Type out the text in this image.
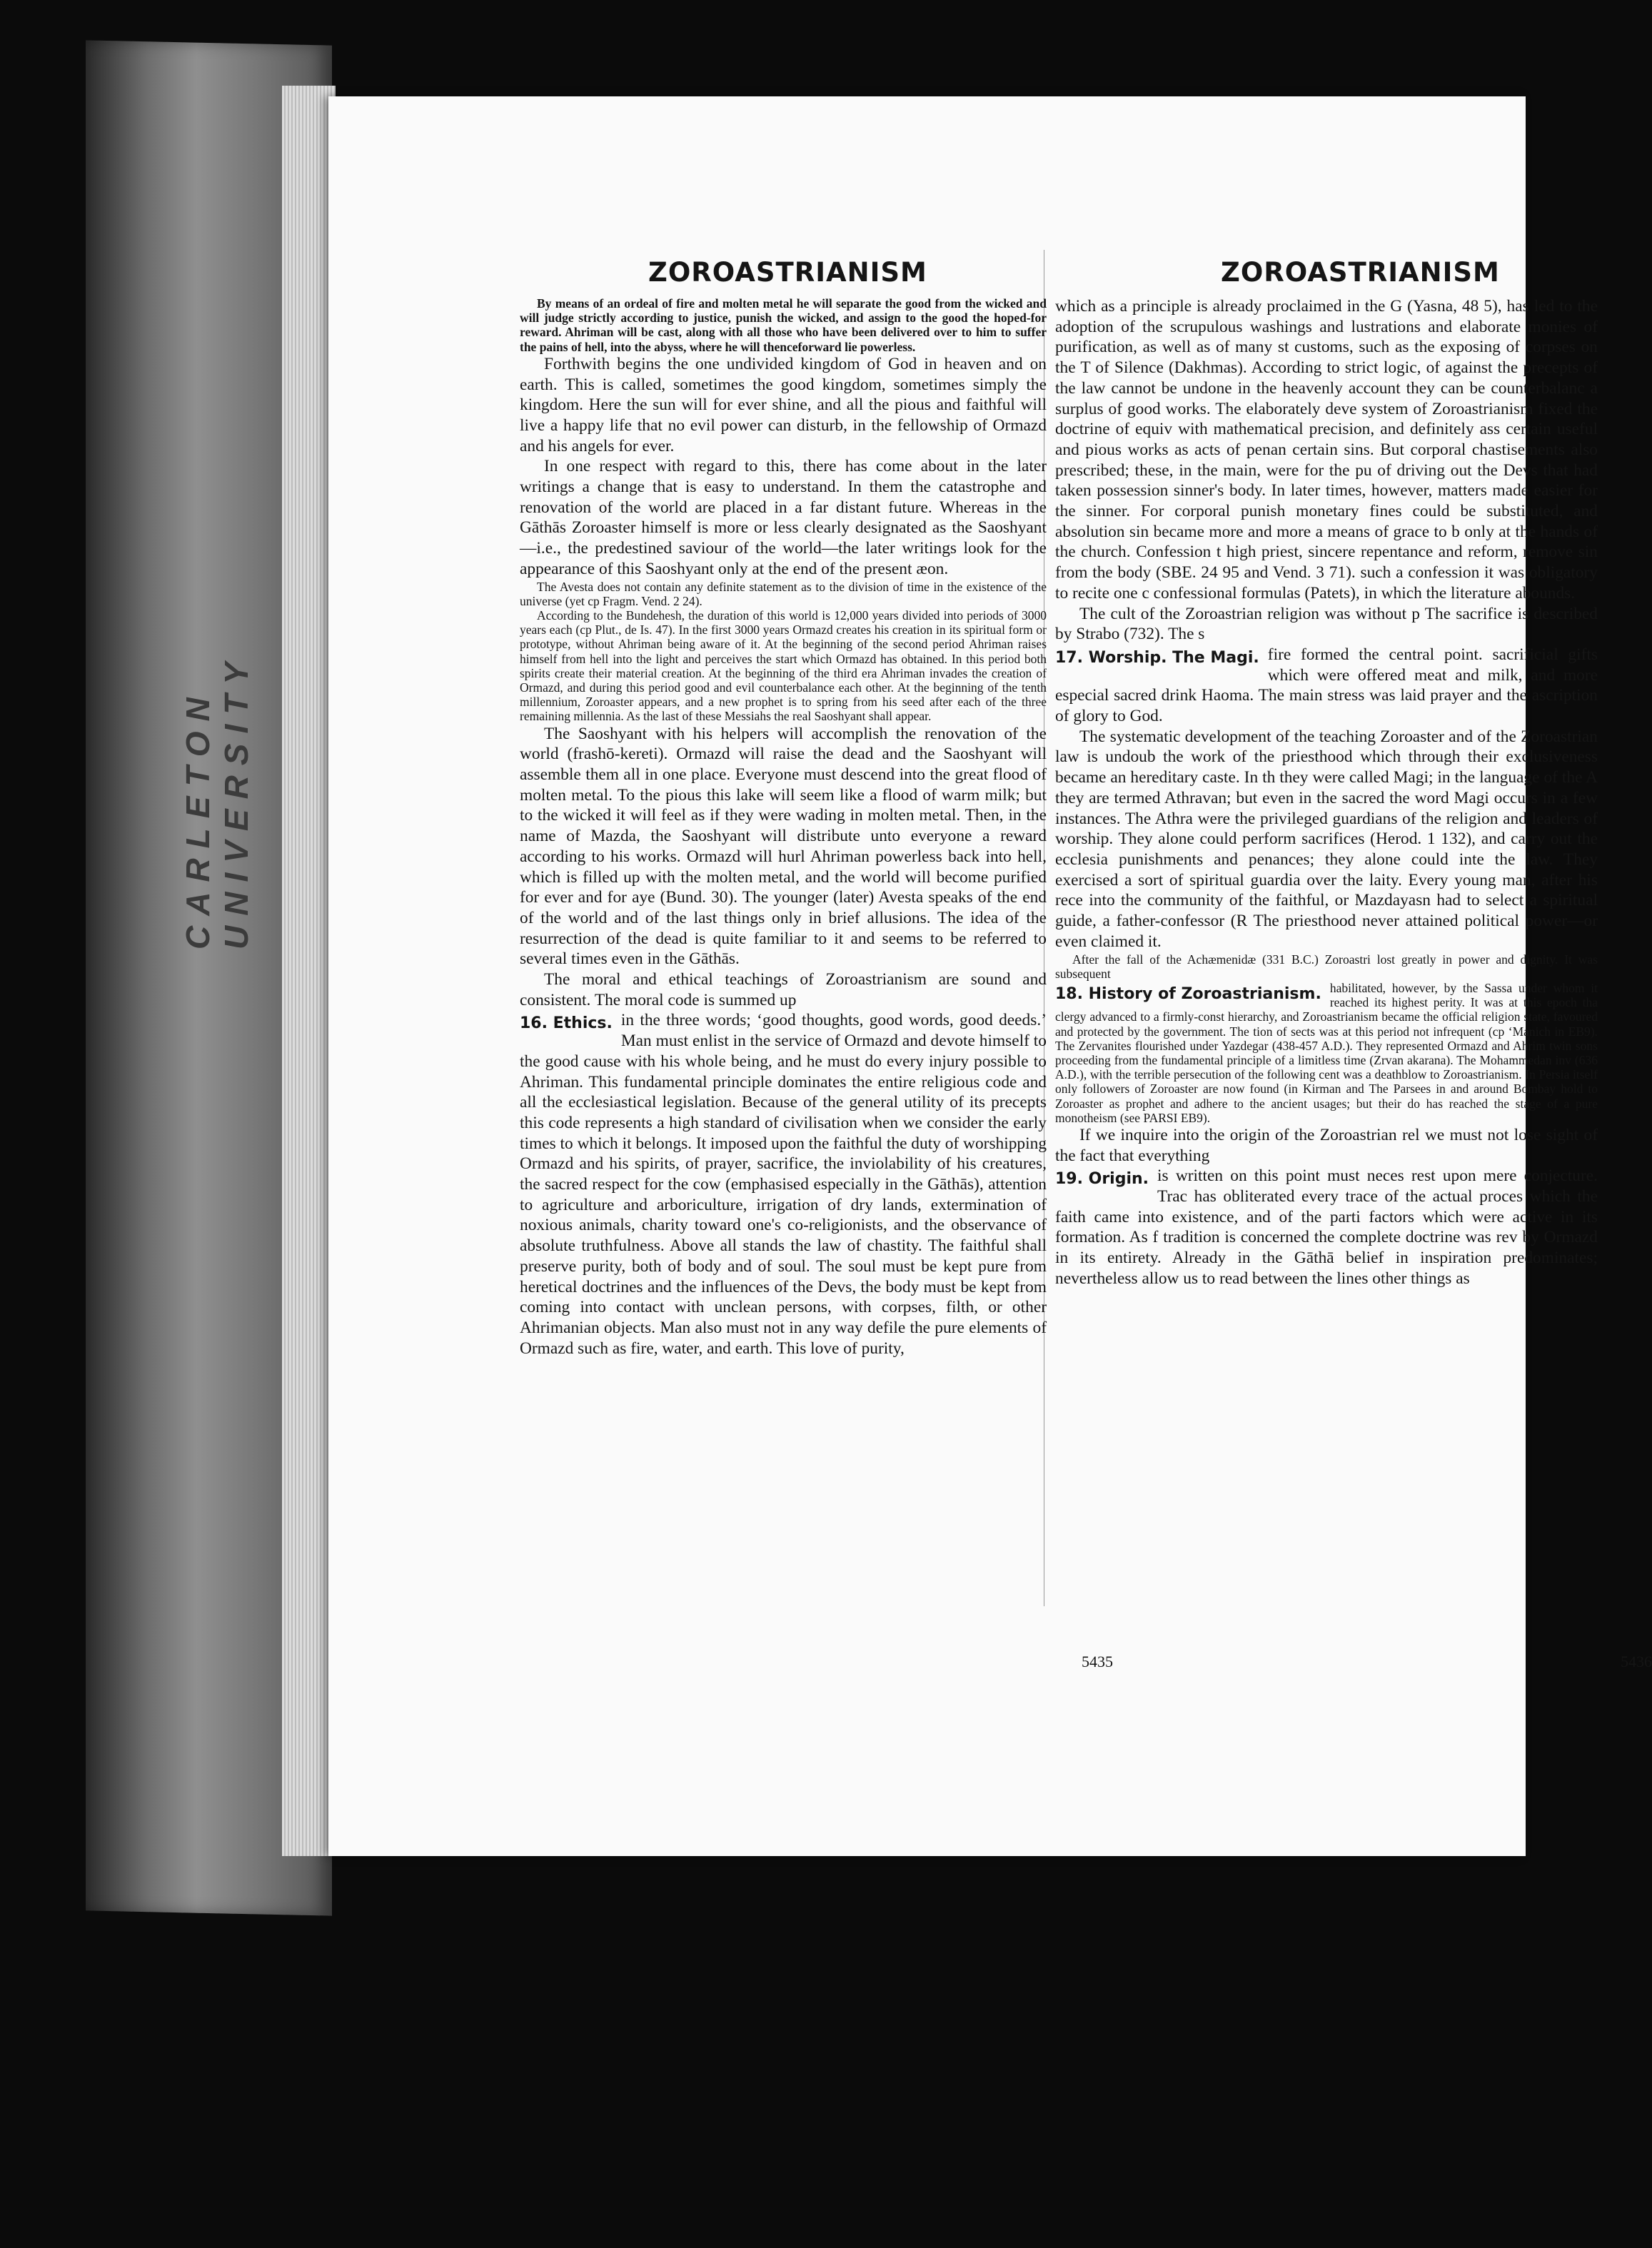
CARLETON UNIVERSITY
ZOROASTRIANISM	ZOROASTRIANISM

By means of an ordeal of fire and molten metal he will separate the good from the wicked and will judge strictly according to justice, punish the wicked, and assign to the good the hoped-for reward. Ahriman will be cast, along with all those who have been delivered over to him to suffer the pains of hell, into the abyss, where he will thenceforward lie powerless.

Forthwith begins the one undivided kingdom of God in heaven and on earth. This is called, sometimes the good kingdom, sometimes simply the kingdom. Here the sun will for ever shine, and all the pious and faithful will live a happy life that no evil power can disturb, in the fellowship of Ormazd and his angels for ever.

In one respect with regard to this, there has come about in the later writings a change that is easy to understand. In them the catastrophe and renovation of the world are placed in a far distant future. Whereas in the Gāthās Zoroaster himself is more or less clearly designated as the Saoshyant—i.e., the predestined saviour of the world—the later writings look for the appearance of this Saoshyant only at the end of the present æon.

The Avesta does not contain any definite statement as to the division of time in the existence of the universe (yet cp Fragm. Vend. 2 24).

According to the Bundehesh, the duration of this world is 12,000 years divided into periods of 3000 years each (cp Plut., de Is. 47). In the first 3000 years Ormazd creates his creation in its spiritual form or prototype, without Ahriman being aware of it. At the beginning of the second period Ahriman raises himself from hell into the light and perceives the start which Ormazd has obtained. In this period both spirits create their material creation. At the beginning of the third era Ahriman invades the creation of Ormazd, and during this period good and evil counterbalance each other. At the beginning of the tenth millennium, Zoroaster appears, and a new prophet is to spring from his seed after each of the three remaining millennia. As the last of these Messiahs the real Saoshyant shall appear.

The Saoshyant with his helpers will accomplish the renovation of the world (frashō-kereti). Ormazd will raise the dead and the Saoshyant will assemble them all in one place. Everyone must descend into the great flood of molten metal. To the pious this lake will seem like a flood of warm milk; but to the wicked it will feel as if they were wading in molten metal. Then, in the name of Mazda, the Saoshyant will distribute unto everyone a reward according to his works. Ormazd will hurl Ahriman powerless back into hell, which is filled up with the molten metal, and the world will become purified for ever and for aye (Bund. 30). The younger (later) Avesta speaks of the end of the world and of the last things only in brief allusions. The idea of the resurrection of the dead is quite familiar to it and seems to be referred to several times even in the Gāthās.

The moral and ethical teachings of Zoroastrianism are sound and consistent. The moral code is summed up

16. Ethics. in the three words; ‘good thoughts, good words, good deeds.’ Man must enlist in the service of Ormazd and devote himself to the good cause with his whole being, and he must do every injury possible to Ahriman. This fundamental principle dominates the entire religious code and all the ecclesiastical legislation. Because of the general utility of its precepts this code represents a high standard of civilisation when we consider the early times to which it belongs. It imposed upon the faithful the duty of worshipping Ormazd and his spirits, of prayer, sacrifice, the inviolability of his creatures, the sacred respect for the cow (emphasised especially in the Gāthās), attention to agriculture and arboriculture, irrigation of dry lands, extermination of noxious animals, charity toward one's co-religionists, and the observance of absolute truthfulness. Above all stands the law of chastity. The faithful shall preserve purity, both of body and of soul. The soul must be kept pure from heretical doctrines and the influences of the Devs, the body must be kept from coming into contact with unclean persons, with corpses, filth, or other Ahrimanian objects. Man also must not in any way defile the pure elements of Ormazd such as fire, water, and earth. This love of purity,

which as a principle is already proclaimed in the G (Yasna, 48 5), has led to the adoption of the scrupulous washings and lustrations and elaborate monies of purification, as well as of many st customs, such as the exposing of corpses on the T of Silence (Dakhmas). According to strict logic, of against the precepts of the law cannot be undone in the heavenly account they can be counterbalanc a surplus of good works. The elaborately deve system of Zoroastrianism fixed the doctrine of equiv with mathematical precision, and definitely ass certain useful and pious works as acts of penan certain sins. But corporal chastisements also prescribed; these, in the main, were for the pu of driving out the Devs that had taken possession sinner's body. In later times, however, matters made easier for the sinner. For corporal punish monetary fines could be substituted, and absolution sin became more and more a means of grace to b only at the hands of the church. Confession t high priest, sincere repentance and reform, remove sin from the body (SBE. 24 95 and Vend. 3 71). such a confession it was obligatory to recite one c confessional formulas (Patets), in which the literature abounds.

The cult of the Zoroastrian religion was without p The sacrifice is described by Strabo (732). The s

17. Worship. The Magi. fire formed the central point. sacrificial gifts which were offered meat and milk, and more especial sacred drink Haoma. The main stress was laid prayer and the ascription of glory to God.

The systematic development of the teaching Zoroaster and of the Zoroastrian law is undoub the work of the priesthood which through their exclusiveness became an hereditary caste. In th they were called Magi; in the language of the A they are termed Athravan; but even in the sacred the word Magi occurs in a few instances. The Athra were the privileged guardians of the religion and leaders of worship. They alone could perform sacrifices (Herod. 1 132), and carry out the ecclesia punishments and penances; they alone could inte the law. They exercised a sort of spiritual guardia over the laity. Every young man, after his rece into the community of the faithful, or Mazdayasn had to select a spiritual guide, a father-confessor (R The priesthood never attained political power—or even claimed it.

After the fall of the Achæmenidæ (331 B.C.) Zoroastri lost greatly in power and dignity. It was subsequent

18. History of Zoroastrianism. habilitated, however, by the Sassa under whom it reached its highest perity. It was at this epoch tha clergy advanced to a firmly-const hierarchy, and Zoroastrianism became the official religion state, favoured and protected by the government. The tion of sects was at this period not infrequent (cp ‘Manich in EB9). The Zervanites flourished under Yazdegar (438-457 A.D.). They represented Ormazd and Ahrim twin sons proceeding from the fundamental principle of a limitless time (Zrvan akarana). The Mohammedan inv (636 A.D.), with the terrible persecution of the following cent was a deathblow to Zoroastrianism. In Persia itself only followers of Zoroaster are now found (in Kirman and The Parsees in and around Bombay hold to Zoroaster as prophet and adhere to the ancient usages; but their do has reached the stage of a pure monotheism (see PARSI EB9).

If we inquire into the origin of the Zoroastrian rel we must not lose sight of the fact that everything

19. Origin. is written on this point must neces rest upon mere conjecture. Trac has obliterated every trace of the actual proces which the faith came into existence, and of the parti factors which were active in its formation. As f tradition is concerned the complete doctrine was rev by Ormazd in its entirety. Already in the Gāthā belief in inspiration predominates; nevertheless allow us to read between the lines other things as

5435	5436
